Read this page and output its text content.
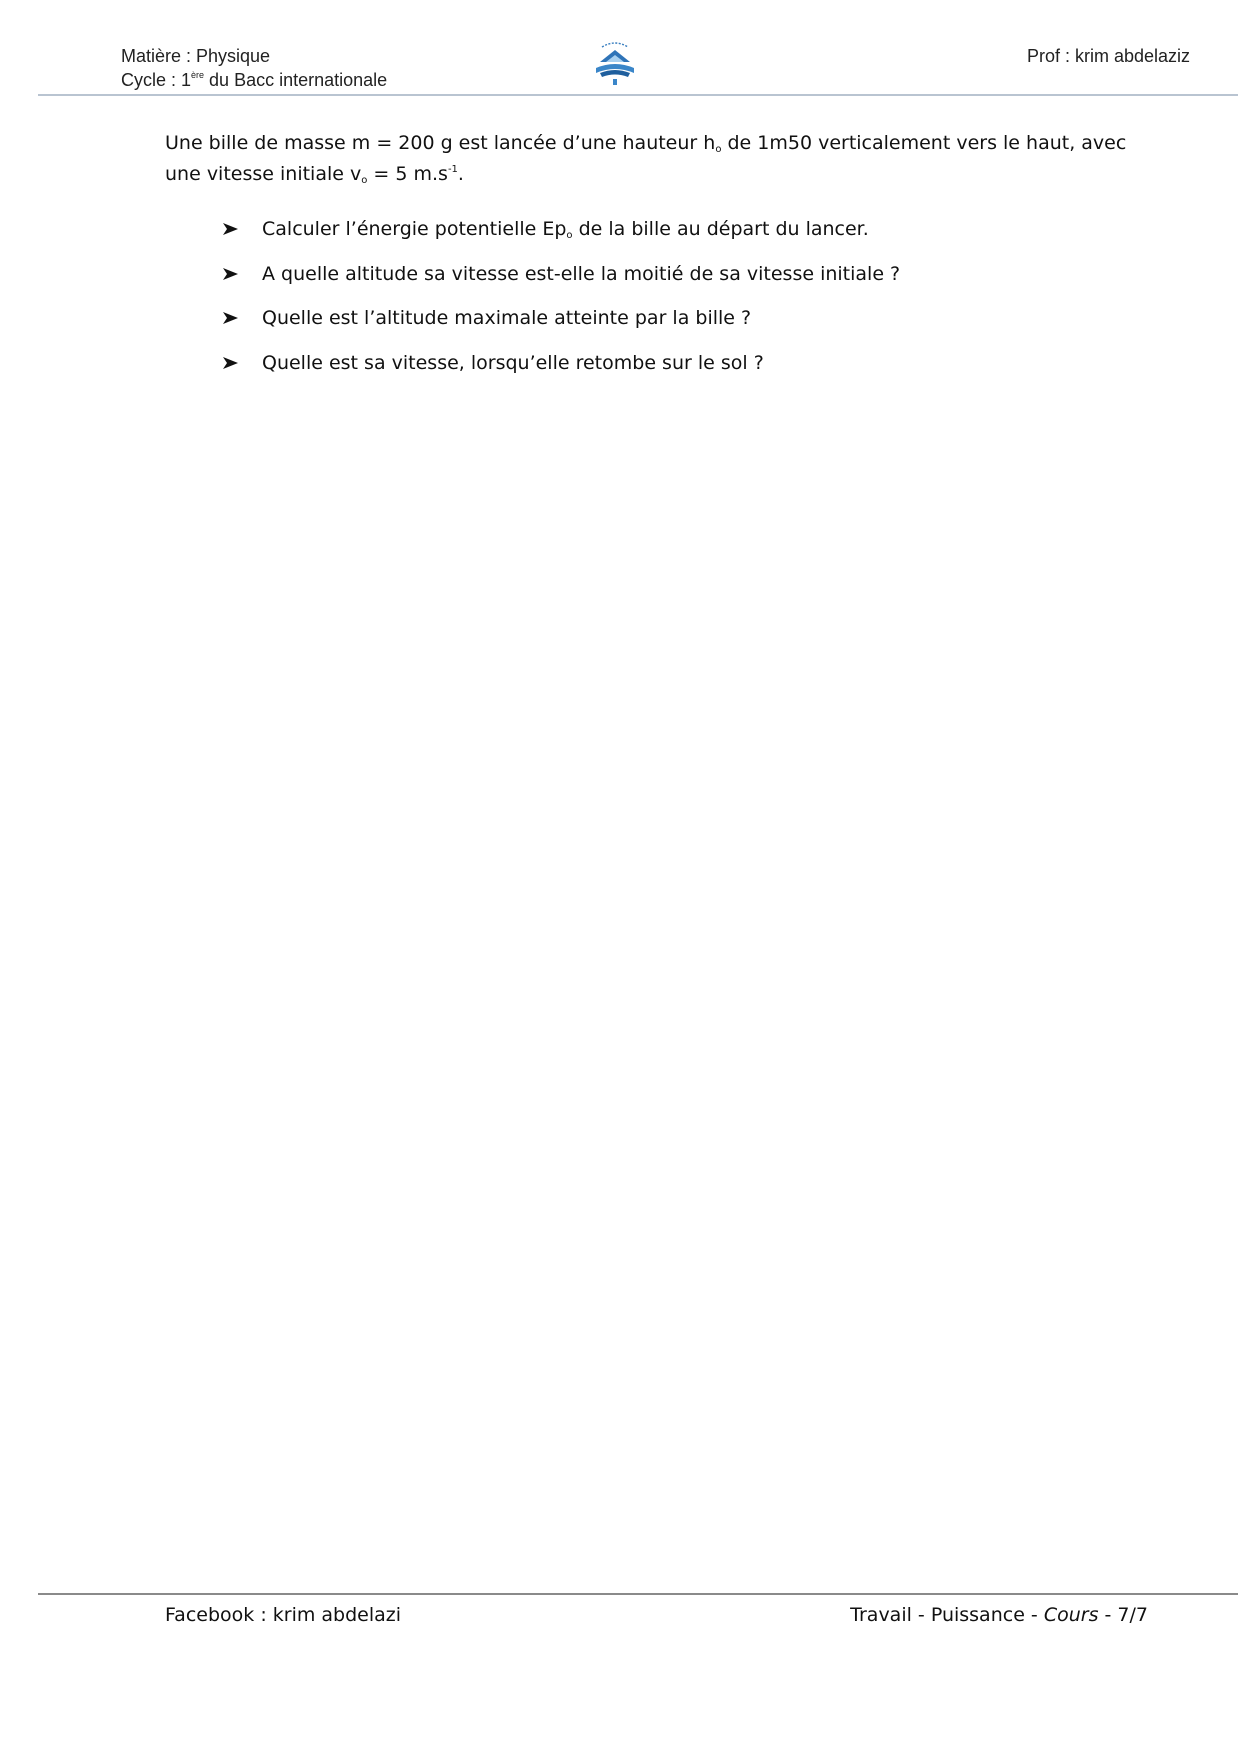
Matière : Physique
Cycle : 1ère du Bacc internationale
Prof : krim abdelaziz
Une bille de masse m = 200 g est lancée d’une hauteur $h_o$ de 1m50 verticalement vers le haut, avec une vitesse initiale $v_o = 5$ $m.s^{-1}$.
Calculer l’énergie potentielle $Ep_o$ de la bille au départ du lancer.
A quelle altitude sa vitesse est-elle la moitié de sa vitesse initiale ?
Quelle est l’altitude maximale atteinte par la bille ?
Quelle est sa vitesse, lorsqu’elle retombe sur le sol ?
Facebook : krim abdelazi	Travail - Puissance - Cours - 7/7
